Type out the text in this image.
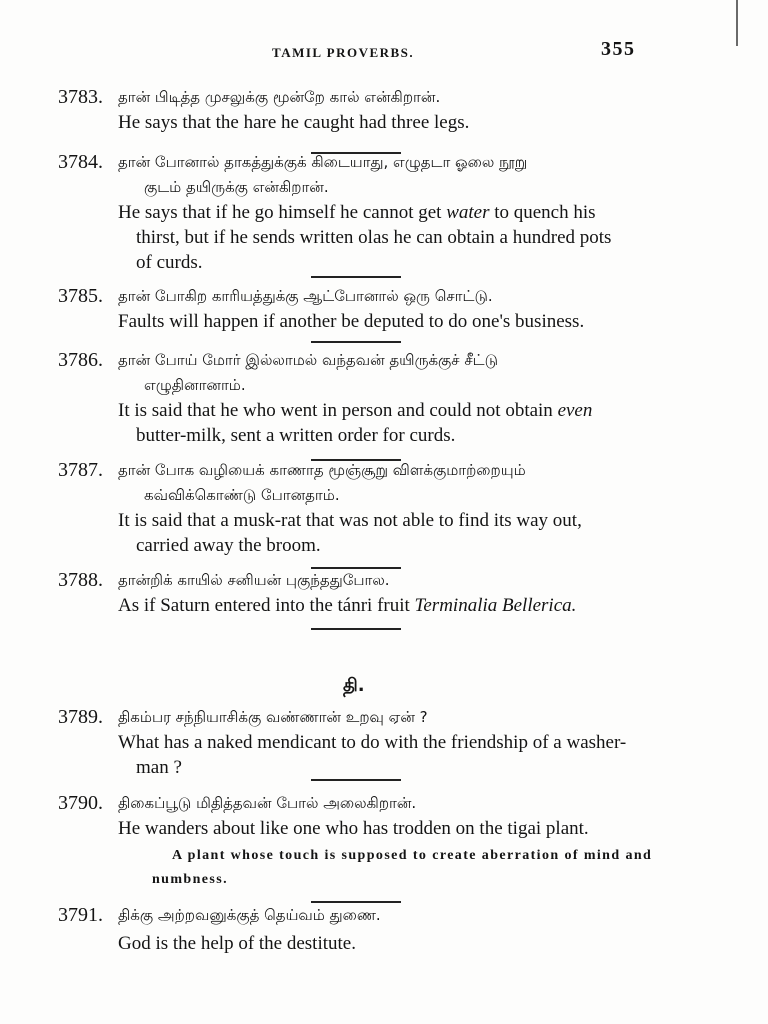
TAMIL PROVERBS.	355
3783. தான் பிடித்த முசலுக்கு மூன்றே கால் என்கிறான்.
He says that the hare he caught had three legs.
3784. தான் போனால் தாகத்துக்குக் கிடையாது, எழுதடா ஓலை நூறு
குடம் தயிருக்கு என்கிறான்.
He says that if he go himself he cannot get water to quench his
thirst, but if he sends written olas he can obtain a hundred pots
of curds.
3785. தான் போகிற காரியத்துக்கு ஆட்போனால் ஒரு சொட்டு.
Faults will happen if another be deputed to do one's business.
3786. தான் போய் மோர் இல்லாமல் வந்தவன் தயிருக்குச் சீட்டு
எழுதினானாம்.
It is said that he who went in person and could not obtain even
butter-milk, sent a written order for curds.
3787. தான் போக வழியைக் காணாத மூஞ்சூறு விளக்குமாற்றையும்
கவ்விக்கொண்டு போனதாம்.
It is said that a musk-rat that was not able to find its way out,
carried away the broom.
3788. தான்றிக் காயில் சனியன் புகுந்ததுபோல.
As if Saturn entered into the tánri fruit Terminalia Bellerica.
தி.
3789. திகம்பர சந்நியாசிக்கு வண்ணான் உறவு ஏன் ?
What has a naked mendicant to do with the friendship of a washer-
man ?
3790. திகைப்பூடு மிதித்தவன் போல் அலைகிறான்.
He wanders about like one who has trodden on the tigai plant.
A plant whose touch is supposed to create aberration of mind and
numbness.
3791. திக்கு அற்றவனுக்குத் தெய்வம் துணை.
God is the help of the destitute.
